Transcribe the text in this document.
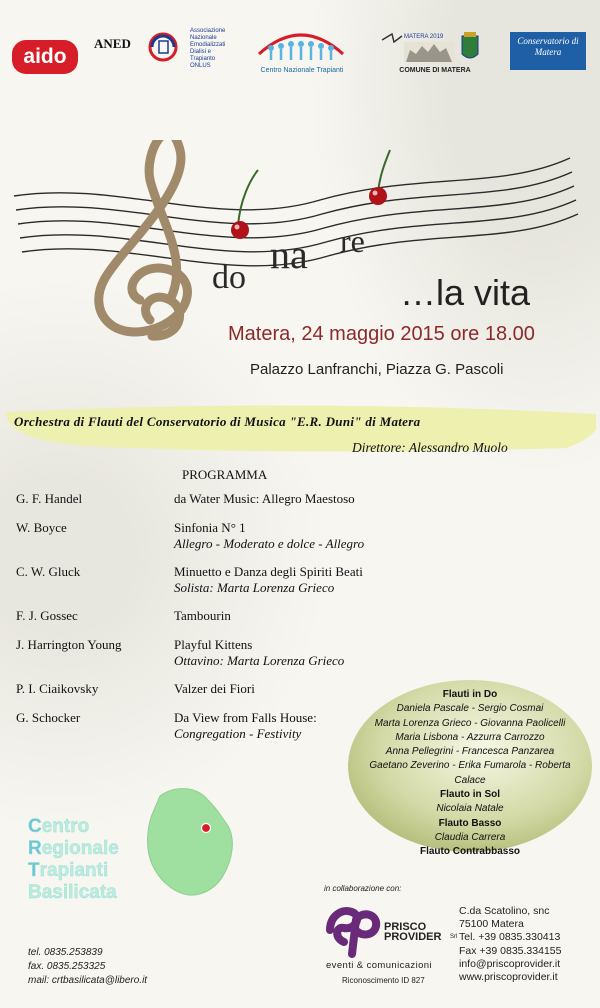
aido
ANED
Associazione
Nazionale
Emodializzati
Dialisi e
Trapianto
ONLUS
Centro Nazionale Trapianti
MATERA 2019
COMUNE DI MATERA
Conservatorio di Matera
do
na re
…la vita
Matera, 24 maggio 2015 ore 18.00
Palazzo Lanfranchi, Piazza G. Pascoli
Orchestra di Flauti del Conservatorio di Musica "E.R. Duni" di Matera
Direttore: Alessandro Muolo
PROGRAMMA
G. F. Handel	da Water Music: Allegro Maestoso
W. Boyce	Sinfonia N° 1
Allegro - Moderato e dolce - Allegro
C. W. Gluck	Minuetto e Danza degli Spiriti Beati
Solista: Marta Lorenza Grieco
F. J. Gossec	Tambourin
J. Harrington Young	Playful Kittens
Ottavino: Marta Lorenza Grieco
P. I. Ciaikovsky	Valzer dei Fiori
G. Schocker	Da View from Falls House:
Congregation - Festivity
Flauti in Do
Daniela Pascale - Sergio Cosmai
Marta Lorenza Grieco - Giovanna Paolicelli
Maria Lisbona - Azzurra Carrozzo
Anna Pellegrini - Francesca Panzarea
Gaetano Zeverino - Erika Fumarola - Roberta
Calace
Flauto in Sol
Nicolaia Natale
Flauto Basso
Claudia Carrera
Flauto Contrabbasso
Centro
Regionale
Trapianti
Basilicata
tel. 0835.253839
fax. 0835.253325
mail: crtbasilicata@libero.it
in collaborazione con:
PRISCO
PROVIDER Srl
eventi & comunicazioni
Riconoscimento ID 827
C.da Scatolino, snc
75100 Matera
Tel. +39 0835.330413
Fax +39 0835.334155
info@priscoprovider.it
www.priscoprovider.it
